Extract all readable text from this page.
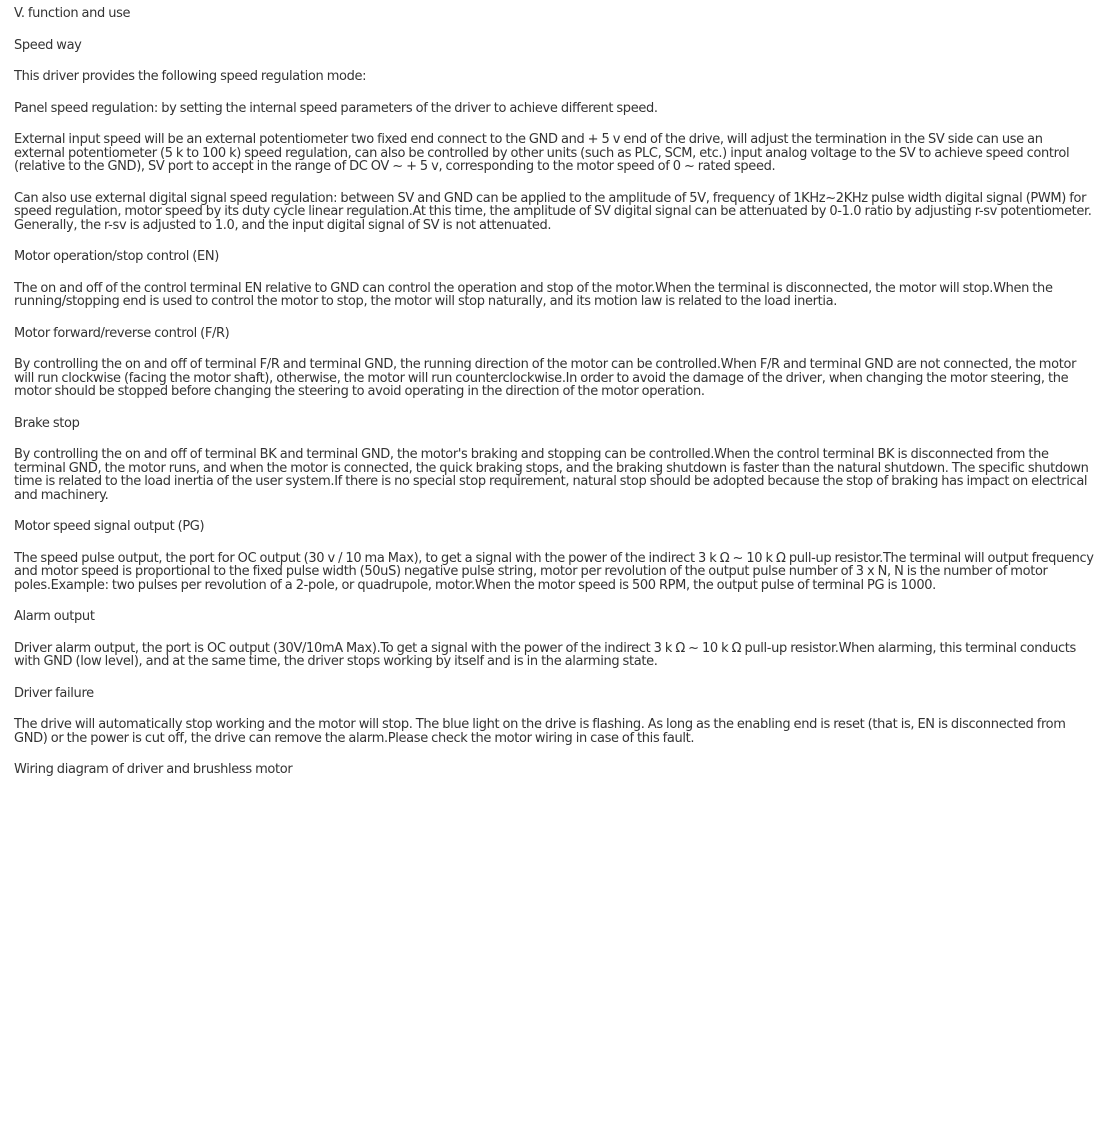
V. function and use

Speed way

This driver provides the following speed regulation mode:

Panel speed regulation: by setting the internal speed parameters of the driver to achieve different speed.

External input speed will be an external potentiometer two fixed end connect to the GND and + 5 v end of the drive, will adjust the termination in the SV side can use an external potentiometer (5 k to 100 k) speed regulation, can also be controlled by other units (such as PLC, SCM, etc.) input analog voltage to the SV to achieve speed control (relative to the GND), SV port to accept in the range of DC OV ~ + 5 v, corresponding to the motor speed of 0 ~ rated speed.

Can also use external digital signal speed regulation: between SV and GND can be applied to the amplitude of 5V, frequency of 1KHz~2KHz pulse width digital signal (PWM) for speed regulation, motor speed by its duty cycle linear regulation.At this time, the amplitude of SV digital signal can be attenuated by 0-1.0 ratio by adjusting r-sv potentiometer. Generally, the r-sv is adjusted to 1.0, and the input digital signal of SV is not attenuated.

Motor operation/stop control (EN)

The on and off of the control terminal EN relative to GND can control the operation and stop of the motor.When the terminal is disconnected, the motor will stop.When the running/stopping end is used to control the motor to stop, the motor will stop naturally, and its motion law is related to the load inertia.

Motor forward/reverse control (F/R)

By controlling the on and off of terminal F/R and terminal GND, the running direction of the motor can be controlled.When F/R and terminal GND are not connected, the motor will run clockwise (facing the motor shaft), otherwise, the motor will run counterclockwise.In order to avoid the damage of the driver, when changing the motor steering, the motor should be stopped before changing the steering to avoid operating in the direction of the motor operation.

Brake stop

By controlling the on and off of terminal BK and terminal GND, the motor's braking and stopping can be controlled.When the control terminal BK is disconnected from the terminal GND, the motor runs, and when the motor is connected, the quick braking stops, and the braking shutdown is faster than the natural shutdown. The specific shutdown time is related to the load inertia of the user system.If there is no special stop requirement, natural stop should be adopted because the stop of braking has impact on electrical and machinery.

Motor speed signal output (PG)

The speed pulse output, the port for OC output (30 v / 10 ma Max), to get a signal with the power of the indirect 3 k Ω ~ 10 k Ω pull-up resistor.The terminal will output frequency and motor speed is proportional to the fixed pulse width (50uS) negative pulse string, motor per revolution of the output pulse number of 3 x N, N is the number of motor poles.Example: two pulses per revolution of a 2-pole, or quadrupole, motor.When the motor speed is 500 RPM, the output pulse of terminal PG is 1000.

Alarm output

Driver alarm output, the port is OC output (30V/10mA Max).To get a signal with the power of the indirect 3 k Ω ~ 10 k Ω pull-up resistor.When alarming, this terminal conducts with GND (low level), and at the same time, the driver stops working by itself and is in the alarming state.

Driver failure

The drive will automatically stop working and the motor will stop. The blue light on the drive is flashing. As long as the enabling end is reset (that is, EN is disconnected from GND) or the power is cut off, the drive can remove the alarm.Please check the motor wiring in case of this fault.

Wiring diagram of driver and brushless motor
